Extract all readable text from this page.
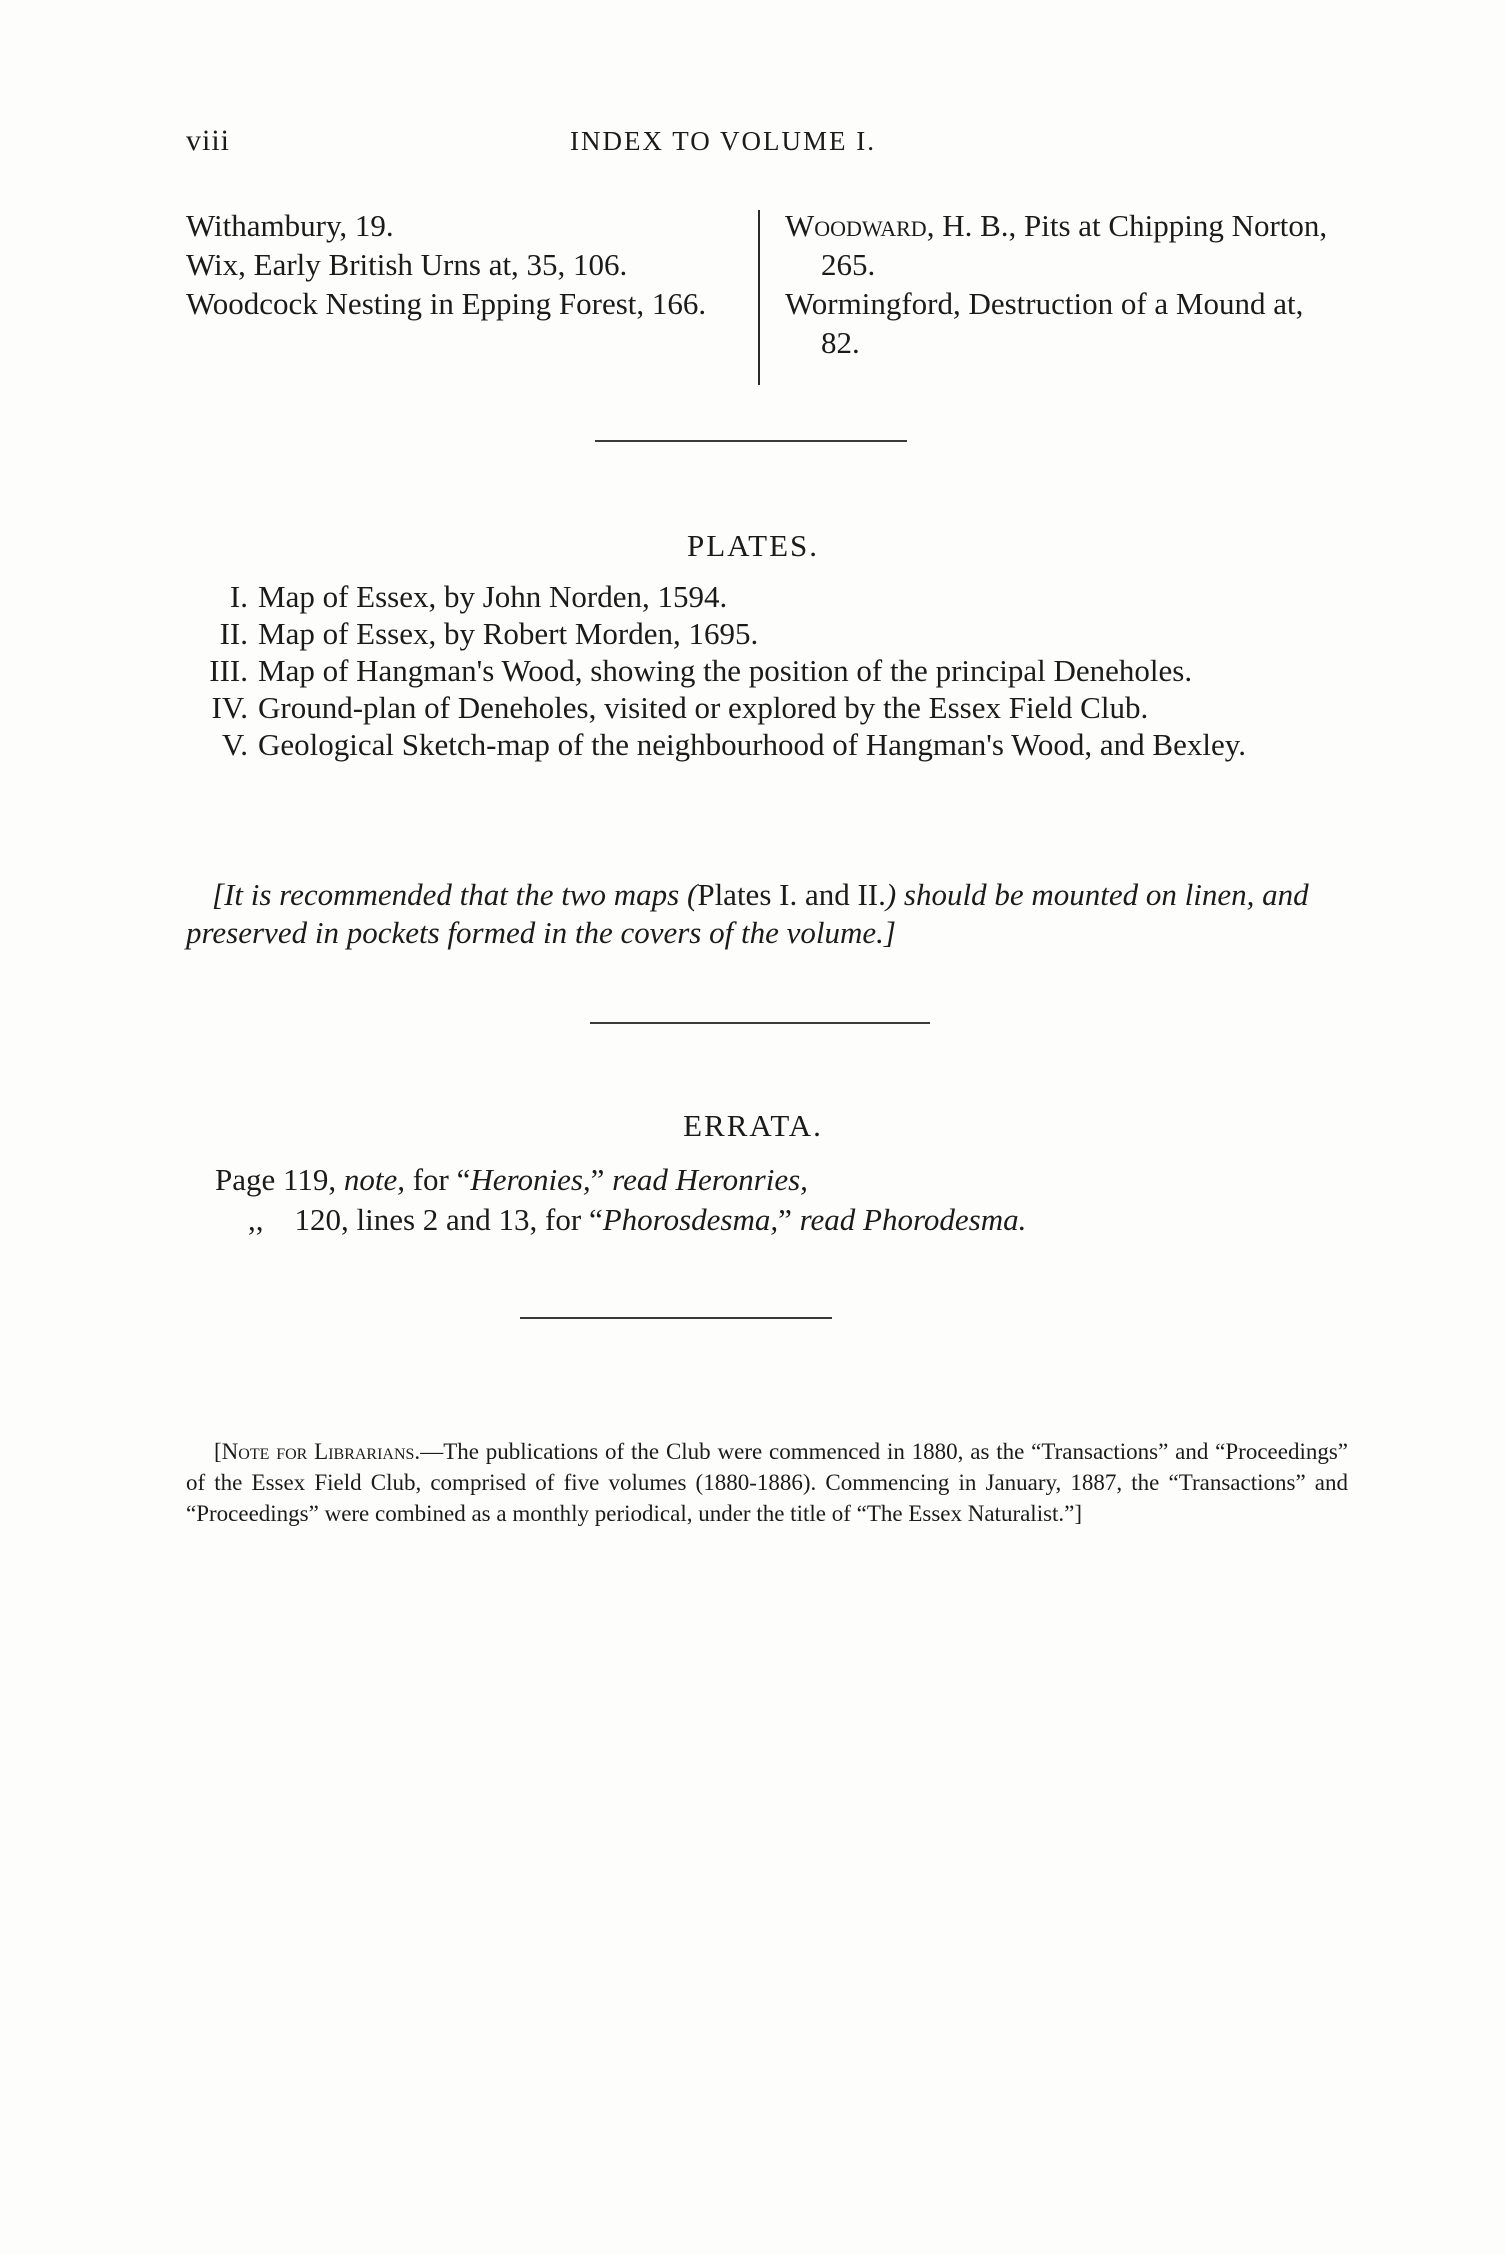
viii	INDEX TO VOLUME I.

Withambury, 19.

Wix, Early British Urns at, 35, 106.

Woodcock Nesting in Epping Forest, 166.

Woodward, H. B., Pits at Chipping Norton, 265.

Wormingford, Destruction of a Mound at, 82.

PLATES.
I. Map of Essex, by John Norden, 1594.
II. Map of Essex, by Robert Morden, 1695.
III. Map of Hangman's Wood, showing the position of the principal Deneholes.
IV. Ground-plan of Deneholes, visited or explored by the Essex Field Club.
V. Geological Sketch-map of the neighbourhood of Hangman's Wood, and Bexley.

[It is recommended that the two maps (Plates I. and II.) should be mounted on linen, and preserved in pockets formed in the covers of the volume.]

ERRATA.

Page 119, note, for “Heronies,” read Heronries,

,, 120, lines 2 and 13, for “Phorosdesma,” read Phorodesma.

[Note for Librarians.—The publications of the Club were commenced in 1880, as the “Transactions” and “Proceedings” of the Essex Field Club, comprised of five volumes (1880-1886). Commencing in January, 1887, the “Transactions” and “Proceedings” were combined as a monthly periodical, under the title of “The Essex Naturalist.”]
